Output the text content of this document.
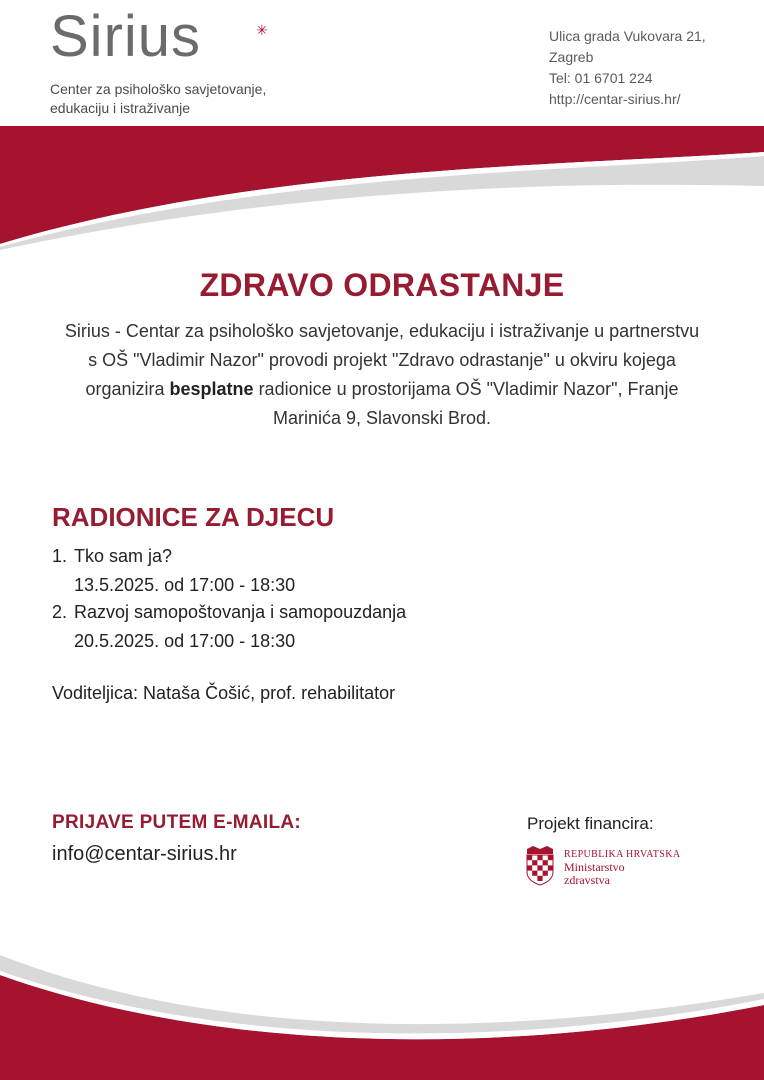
Sirius	✳
Center za psihološko savjetovanje,
edukaciju i istraživanje
Ulica grada Vukovara 21,
Zagreb
Tel: 01 6701 224
http://centar-sirius.hr/
ZDRAVO ODRASTANJE
Sirius - Centar za psihološko savjetovanje, edukaciju i istraživanje u partnerstvu s OŠ "Vladimir Nazor" provodi projekt "Zdravo odrastanje" u okviru kojega organizira besplatne radionice u prostorijama OŠ "Vladimir Nazor", Franje Marinića 9, Slavonski Brod.
RADIONICE ZA DJECU
1. Tko sam ja?
13.5.2025. od 17:00 - 18:30
2. Razvoj samopoštovanja i samopouzdanja
20.5.2025. od 17:00 - 18:30
Voditeljica: Nataša Čošić, prof. rehabilitator
PRIJAVE PUTEM E-MAILA:
info@centar-sirius.hr
Projekt financira:
REPUBLIKA HRVATSKA
Ministarstvo
zdravstva
